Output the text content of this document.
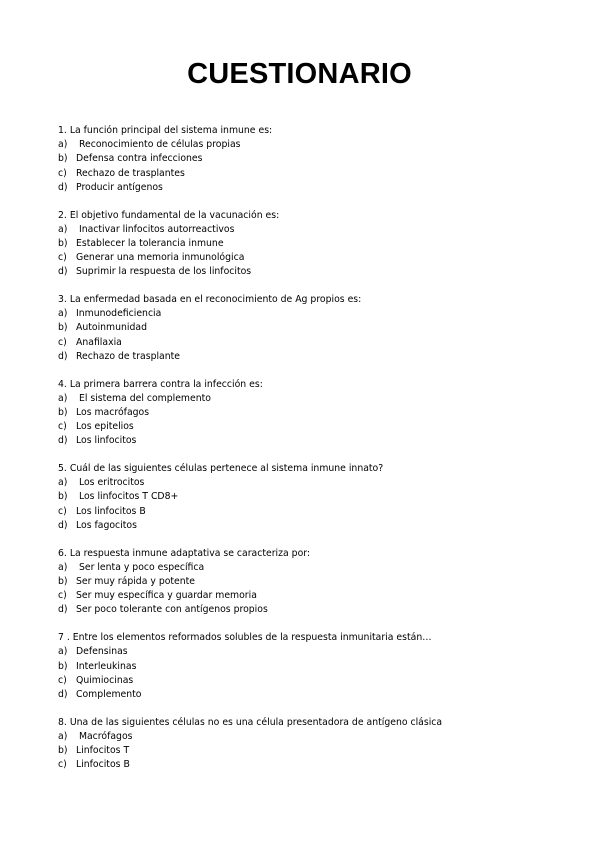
CUESTIONARIO
1. La función principal del sistema inmune es:
a) Reconocimiento de células propias
b) Defensa contra infecciones
c) Rechazo de trasplantes
d) Producir antígenos
2. El objetivo fundamental de la vacunación es:
a) Inactivar linfocitos autorreactivos
b) Establecer la tolerancia inmune
c) Generar una memoria inmunológica
d) Suprimir la respuesta de los linfocitos
3. La enfermedad basada en el reconocimiento de Ag propios es:
a) Inmunodeficiencia
b) Autoinmunidad
c) Anafilaxia
d) Rechazo de trasplante
4. La primera barrera contra la infección es:
a) El sistema del complemento
b) Los macrófagos
c) Los epitelios
d) Los linfocitos
5. Cuál de las siguientes células pertenece al sistema inmune innato?
a) Los eritrocitos
b) Los linfocitos T CD8+
c) Los linfocitos B
d) Los fagocitos
6. La respuesta inmune adaptativa se caracteriza por:
a) Ser lenta y poco específica
b) Ser muy rápida y potente
c) Ser muy específica y guardar memoria
d) Ser poco tolerante con antígenos propios
7 . Entre los elementos reformados solubles de la respuesta inmunitaria están…
a) Defensinas
b) Interleukinas
c) Quimiocinas
d) Complemento
8. Una de las siguientes células no es una célula presentadora de antígeno clásica
a) Macrófagos
b) Linfocitos T
c) Linfocitos B
